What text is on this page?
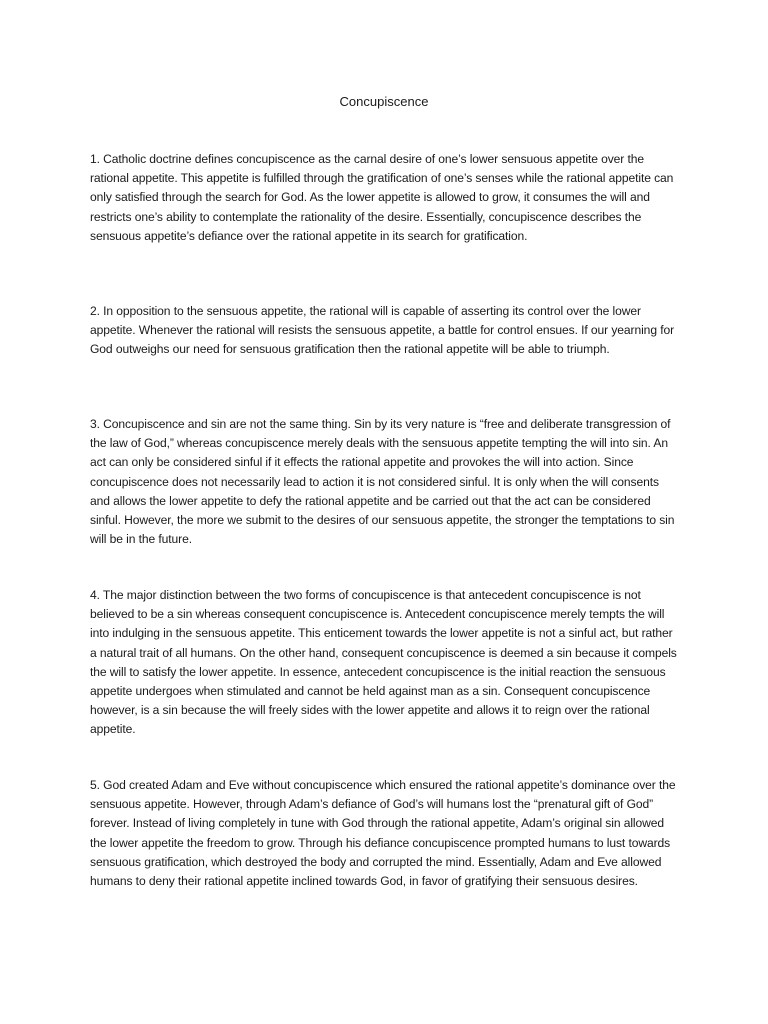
Concupiscence

1. Catholic doctrine defines concupiscence as the carnal desire of one’s lower sensuous appetite over the rational appetite. This appetite is fulfilled through the gratification of one’s senses while the rational appetite can only satisfied through the search for God. As the lower appetite is allowed to grow, it consumes the will and restricts one’s ability to contemplate the rationality of the desire. Essentially, concupiscence describes the sensuous appetite’s defiance over the rational appetite in its search for gratification.

2. In opposition to the sensuous appetite, the rational will is capable of asserting its control over the lower appetite. Whenever the rational will resists the sensuous appetite, a battle for control ensues. If our yearning for God outweighs our need for sensuous gratification then the rational appetite will be able to triumph.

3. Concupiscence and sin are not the same thing. Sin by its very nature is “free and deliberate transgression of the law of God,” whereas concupiscence merely deals with the sensuous appetite tempting the will into sin. An act can only be considered sinful if it effects the rational appetite and provokes the will into action. Since concupiscence does not necessarily lead to action it is not considered sinful. It is only when the will consents and allows the lower appetite to defy the rational appetite and be carried out that the act can be considered sinful. However, the more we submit to the desires of our sensuous appetite, the stronger the temptations to sin will be in the future.

4. The major distinction between the two forms of concupiscence is that antecedent concupiscence is not believed to be a sin whereas consequent concupiscence is. Antecedent concupiscence merely tempts the will into indulging in the sensuous appetite. This enticement towards the lower appetite is not a sinful act, but rather a natural trait of all humans. On the other hand, consequent concupiscence is deemed a sin because it compels the will to satisfy the lower appetite. In essence, antecedent concupiscence is the initial reaction the sensuous appetite undergoes when stimulated and cannot be held against man as a sin. Consequent concupiscence however, is a sin because the will freely sides with the lower appetite and allows it to reign over the rational appetite.

5. God created Adam and Eve without concupiscence which ensured the rational appetite’s dominance over the sensuous appetite. However, through Adam’s defiance of God’s will humans lost the “prenatural gift of God” forever. Instead of living completely in tune with God through the rational appetite, Adam’s original sin allowed the lower appetite the freedom to grow. Through his defiance concupiscence prompted humans to lust towards sensuous gratification, which destroyed the body and corrupted the mind. Essentially, Adam and Eve allowed humans to deny their rational appetite inclined towards God, in favor of gratifying their sensuous desires.
